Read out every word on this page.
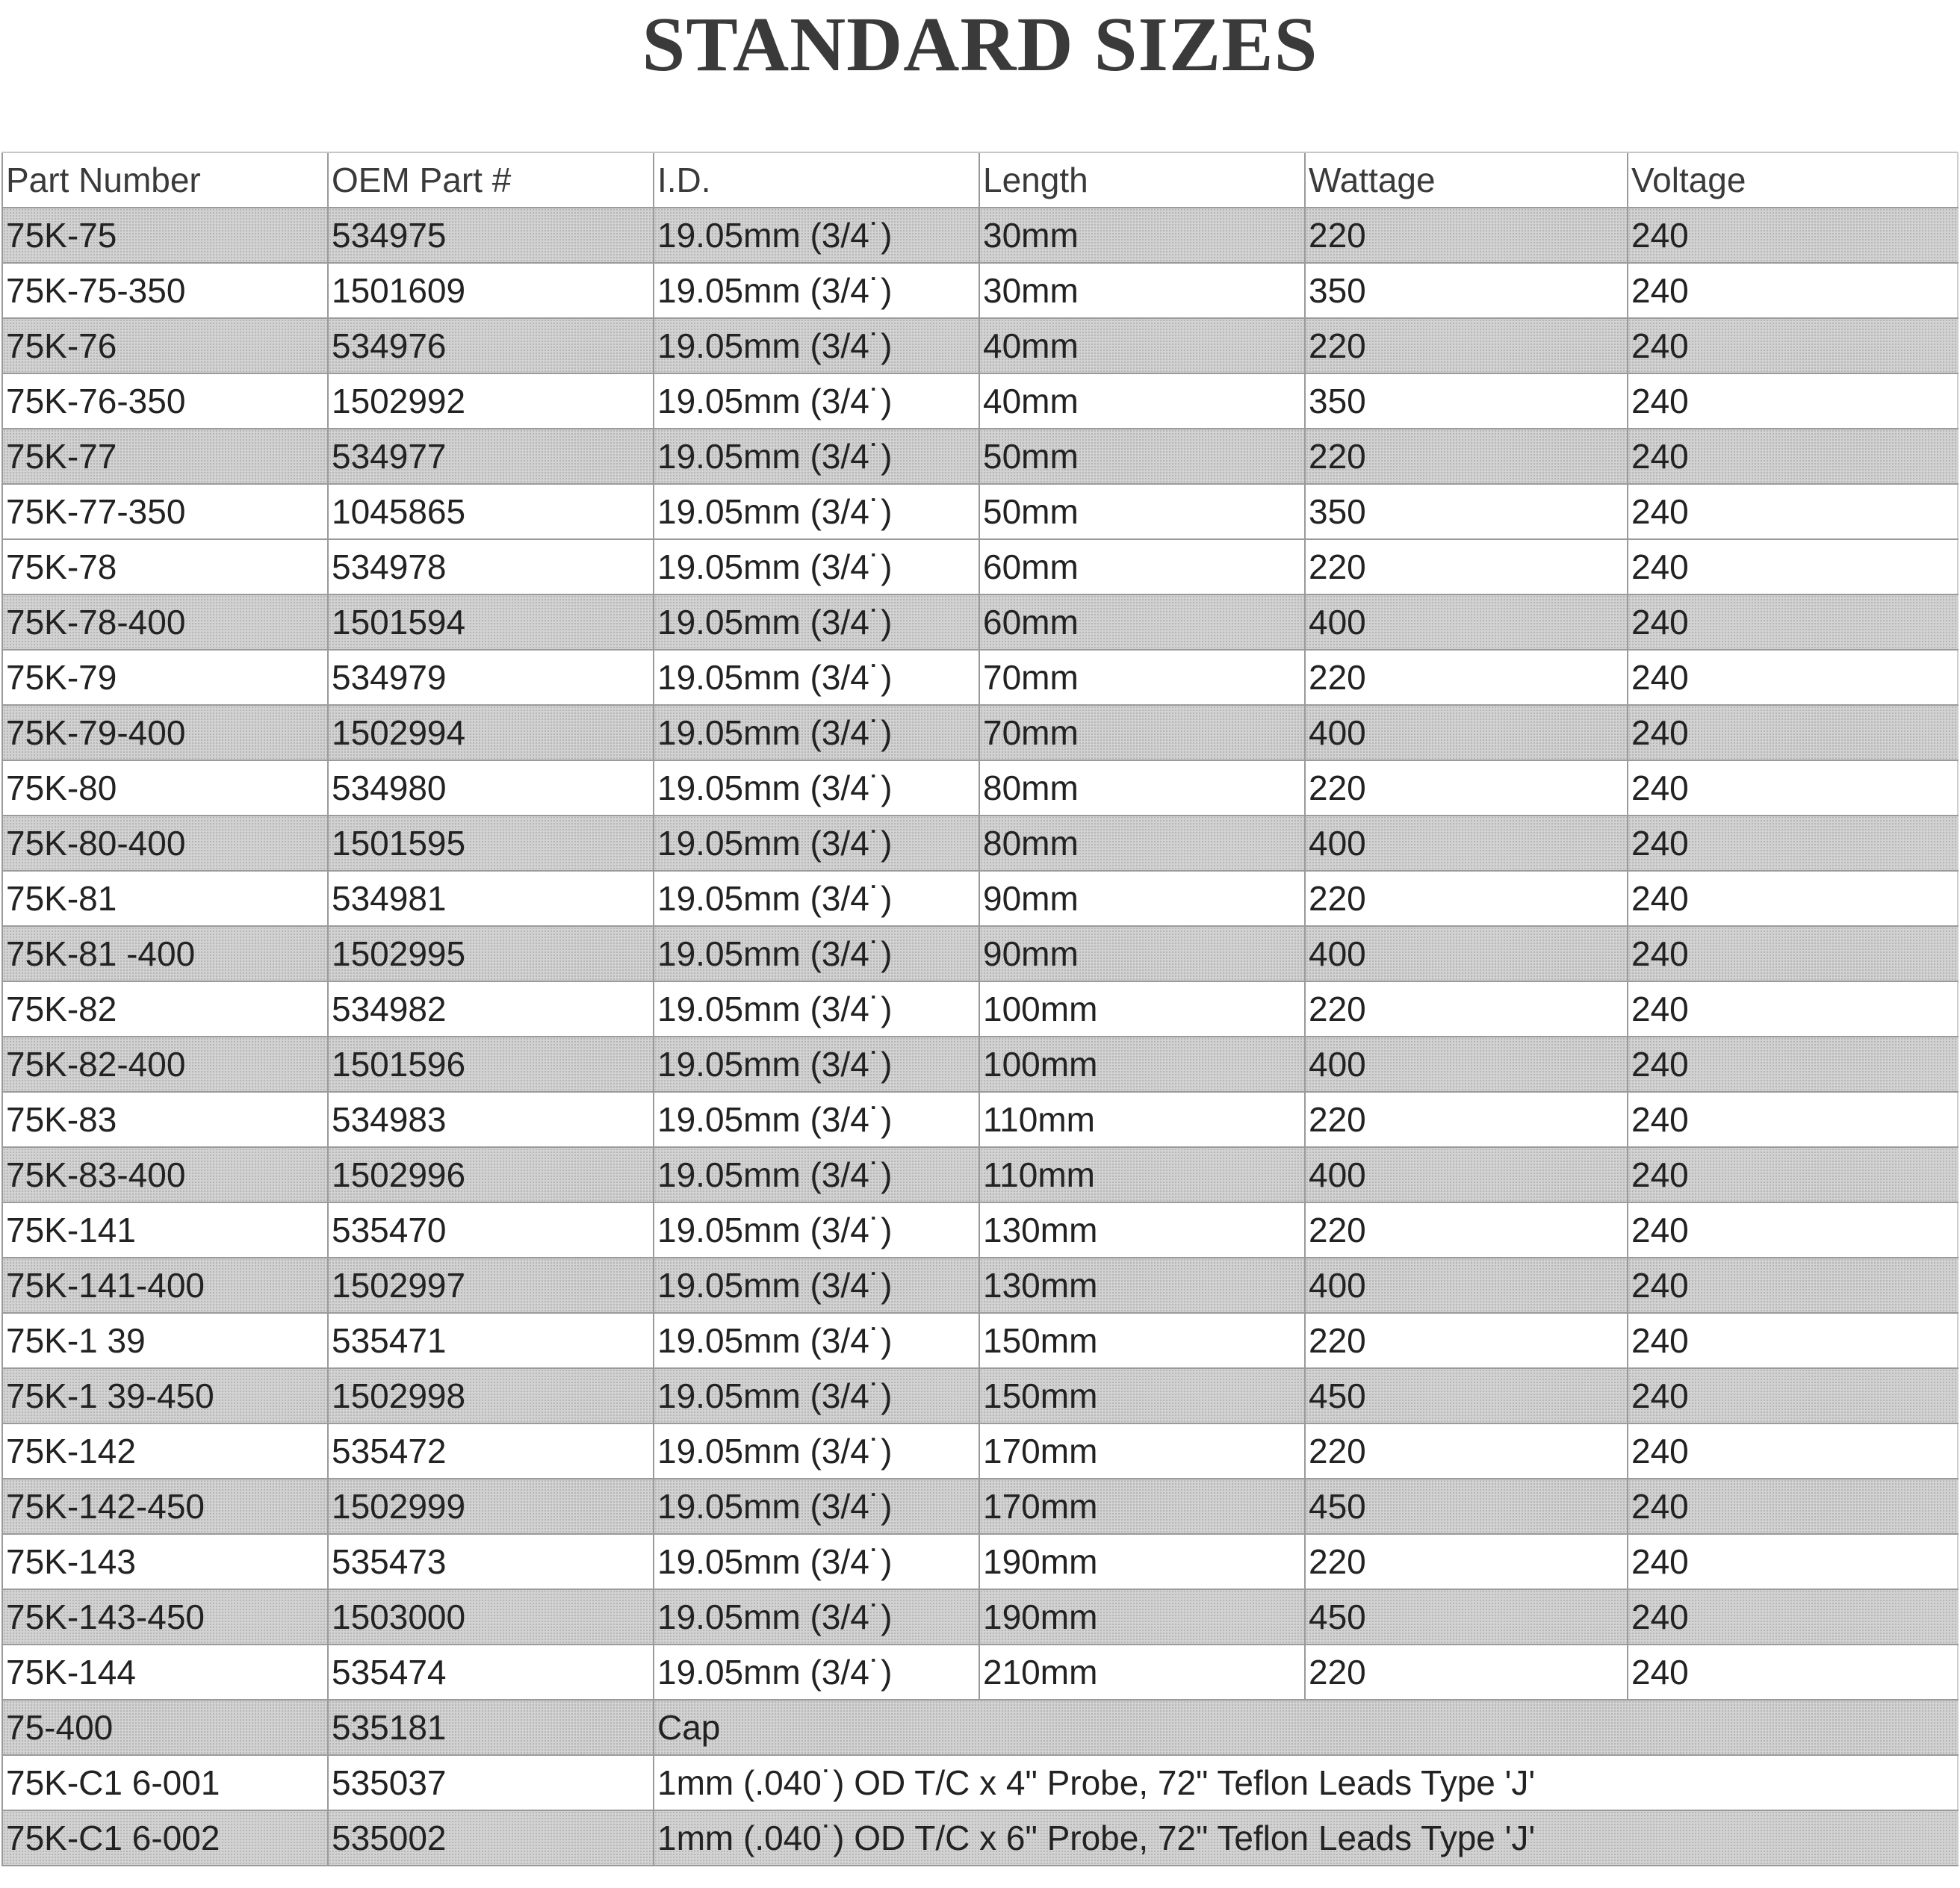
STANDARD SIZES
Part Number	OEM Part #	I.D.	Length	Wattage	Voltage
75K-75	534975	19.05mm (3/4˙)	30mm	220	240
75K-75-350	1501609	19.05mm (3/4˙)	30mm	350	240
75K-76	534976	19.05mm (3/4˙)	40mm	220	240
75K-76-350	1502992	19.05mm (3/4˙)	40mm	350	240
75K-77	534977	19.05mm (3/4˙)	50mm	220	240
75K-77-350	1045865	19.05mm (3/4˙)	50mm	350	240
75K-78	534978	19.05mm (3/4˙)	60mm	220	240
75K-78-400	1501594	19.05mm (3/4˙)	60mm	400	240
75K-79	534979	19.05mm (3/4˙)	70mm	220	240
75K-79-400	1502994	19.05mm (3/4˙)	70mm	400	240
75K-80	534980	19.05mm (3/4˙)	80mm	220	240
75K-80-400	1501595	19.05mm (3/4˙)	80mm	400	240
75K-81	534981	19.05mm (3/4˙)	90mm	220	240
75K-81 -400	1502995	19.05mm (3/4˙)	90mm	400	240
75K-82	534982	19.05mm (3/4˙)	100mm	220	240
75K-82-400	1501596	19.05mm (3/4˙)	100mm	400	240
75K-83	534983	19.05mm (3/4˙)	110mm	220	240
75K-83-400	1502996	19.05mm (3/4˙)	110mm	400	240
75K-141	535470	19.05mm (3/4˙)	130mm	220	240
75K-141-400	1502997	19.05mm (3/4˙)	130mm	400	240
75K-1 39	535471	19.05mm (3/4˙)	150mm	220	240
75K-1 39-450	1502998	19.05mm (3/4˙)	150mm	450	240
75K-142	535472	19.05mm (3/4˙)	170mm	220	240
75K-142-450	1502999	19.05mm (3/4˙)	170mm	450	240
75K-143	535473	19.05mm (3/4˙)	190mm	220	240
75K-143-450	1503000	19.05mm (3/4˙)	190mm	450	240
75K-144	535474	19.05mm (3/4˙)	210mm	220	240
75-400	535181	Cap			
75K-C1 6-001	535037	1mm (.040˙) OD T/C x 4" Probe, 72" Teflon Leads Type 'J'			
75K-C1 6-002	535002	1mm (.040˙) OD T/C x 6" Probe, 72" Teflon Leads Type 'J'			
